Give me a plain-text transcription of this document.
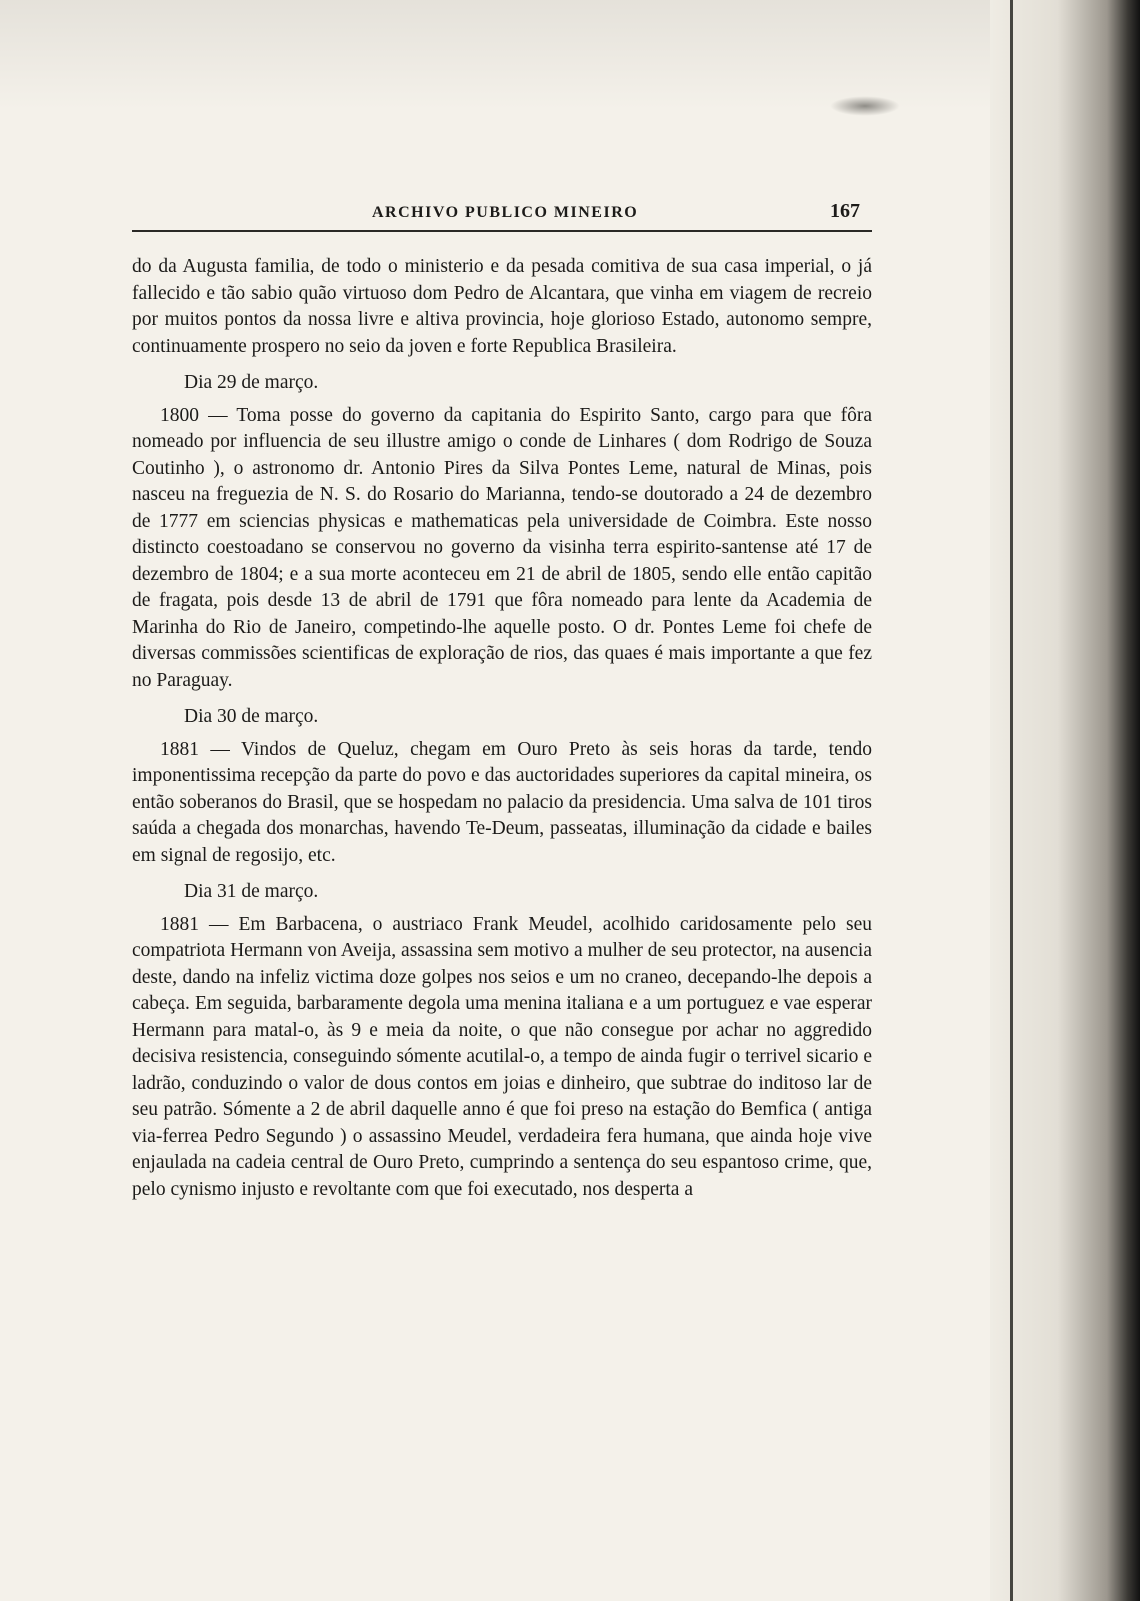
ARCHIVO PUBLICO MINEIRO	167

do da Augusta familia, de todo o ministerio e da pesada comitiva de sua casa imperial, o já fallecido e tão sabio quão virtuoso dom Pedro de Alcantara, que vinha em viagem de recreio por muitos pontos da nossa livre e altiva provincia, hoje glorioso Estado, autonomo sempre, continuamente prospero no seio da joven e forte Republica Brasileira.

Dia 29 de março.

1800 — Toma posse do governo da capitania do Espirito Santo, cargo para que fôra nomeado por influencia de seu illustre amigo o conde de Linhares ( dom Rodrigo de Souza Coutinho ), o astronomo dr. Antonio Pires da Silva Pontes Leme, natural de Minas, pois nasceu na freguezia de N. S. do Rosario do Marianna, tendo-se doutorado a 24 de dezembro de 1777 em sciencias physicas e mathematicas pela universidade de Coimbra. Este nosso distincto coestoadano se conservou no governo da visinha terra espirito-santense até 17 de dezembro de 1804; e a sua morte aconteceu em 21 de abril de 1805, sendo elle então capitão de fragata, pois desde 13 de abril de 1791 que fôra nomeado para lente da Academia de Marinha do Rio de Janeiro, competindo-lhe aquelle posto. O dr. Pontes Leme foi chefe de diversas commissões scientificas de exploração de rios, das quaes é mais importante a que fez no Paraguay.

Dia 30 de março.

1881 — Vindos de Queluz, chegam em Ouro Preto às seis horas da tarde, tendo imponentissima recepção da parte do povo e das auctoridades superiores da capital mineira, os então soberanos do Brasil, que se hospedam no palacio da presidencia. Uma salva de 101 tiros saúda a chegada dos monarchas, havendo Te-Deum, passeatas, illuminação da cidade e bailes em signal de regosijo, etc.

Dia 31 de março.

1881 — Em Barbacena, o austriaco Frank Meudel, acolhido caridosamente pelo seu compatriota Hermann von Aveija, assassina sem motivo a mulher de seu protector, na ausencia deste, dando na infeliz victima doze golpes nos seios e um no craneo, decepando-lhe depois a cabeça. Em seguida, barbaramente degola uma menina italiana e a um portuguez e vae esperar Hermann para matal-o, às 9 e meia da noite, o que não consegue por achar no aggredido decisiva resistencia, conseguindo sómente acutilal-o, a tempo de ainda fugir o terrivel sicario e ladrão, conduzindo o valor de dous contos em joias e dinheiro, que subtrae do inditoso lar de seu patrão. Sómente a 2 de abril daquelle anno é que foi preso na estação do Bemfica ( antiga via-ferrea Pedro Segundo ) o assassino Meudel, verdadeira fera humana, que ainda hoje vive enjaulada na cadeia central de Ouro Preto, cumprindo a sentença do seu espantoso crime, que, pelo cynismo injusto e revoltante com que foi executado, nos desperta a
